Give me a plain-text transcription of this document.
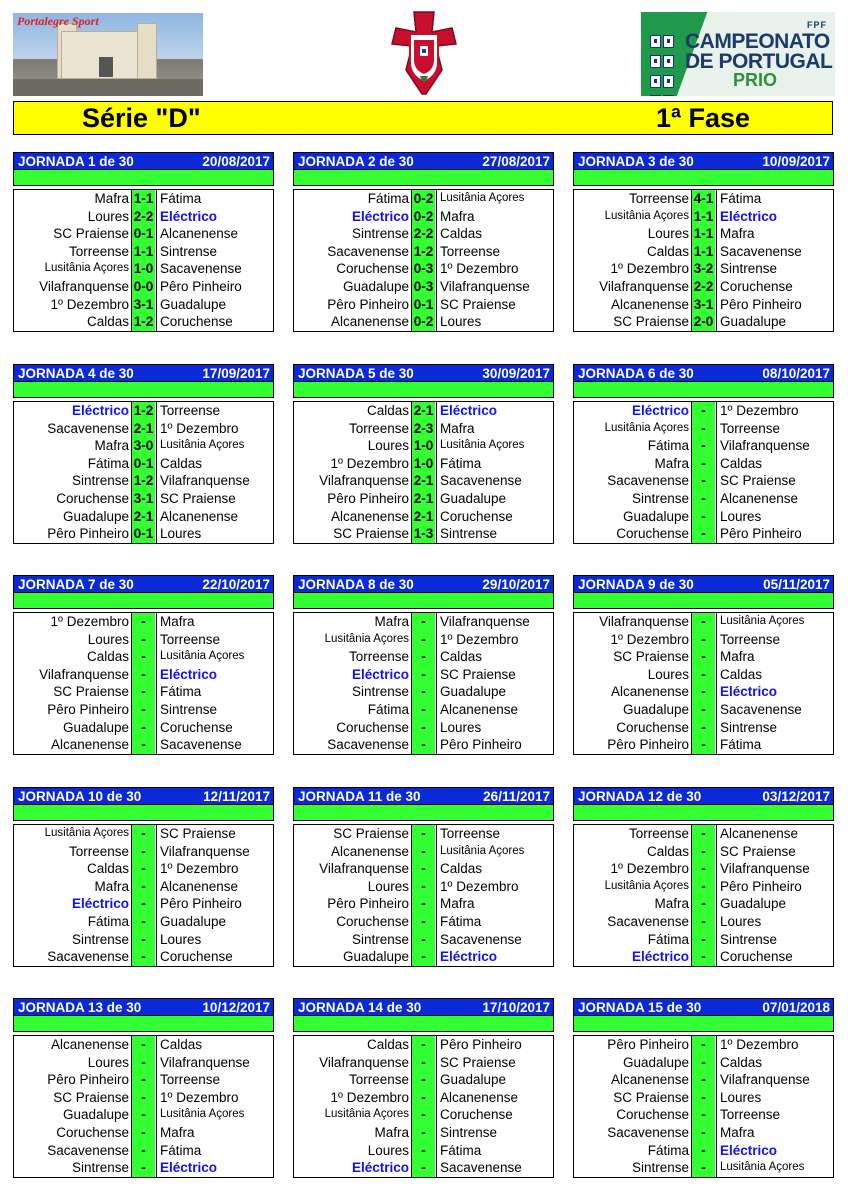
Portalegre Sport
	FPF
CAMPEONATO
DE PORTUGAL
PRIO
Série "D"	1ª Fase
JORNADA 1 de 30	20/08/2017
Mafra 1-1 Fátima
Loures 2-2 Eléctrico
SC Praiense 0-1 Alcanenense
Torreense 1-1 Sintrense
Lusitânia Açores 1-0 Sacavenense
Vilafranquense 0-0 Pêro Pinheiro
1º Dezembro 3-1 Guadalupe
Caldas 1-2 Coruchense
JORNADA 2 de 30	27/08/2017
Fátima 0-2 Lusitânia Açores
Eléctrico 0-2 Mafra
Sintrense 2-2 Caldas
Sacavenense 1-2 Torreense
Coruchense 0-3 1º Dezembro
Guadalupe 0-3 Vilafranquense
Pêro Pinheiro 0-1 SC Praiense
Alcanenense 0-2 Loures
JORNADA 3 de 30	10/09/2017
Torreense 4-1 Fátima
Lusitânia Açores 1-1 Eléctrico
Loures 1-1 Mafra
Caldas 1-1 Sacavenense
1º Dezembro 3-2 Sintrense
Vilafranquense 2-2 Coruchense
Alcanenense 3-1 Pêro Pinheiro
SC Praiense 2-0 Guadalupe
JORNADA 4 de 30	17/09/2017
Eléctrico 1-2 Torreense
Sacavenense 2-1 1º Dezembro
Mafra 3-0 Lusitânia Açores
Fátima 0-1 Caldas
Sintrense 1-2 Vilafranquense
Coruchense 3-1 SC Praiense
Guadalupe 2-1 Alcanenense
Pêro Pinheiro 0-1 Loures
JORNADA 5 de 30	30/09/2017
Caldas 2-1 Eléctrico
Torreense 2-3 Mafra
Loures 1-0 Lusitânia Açores
1º Dezembro 1-0 Fátima
Vilafranquense 2-1 Sacavenense
Pêro Pinheiro 2-1 Guadalupe
Alcanenense 2-1 Coruchense
SC Praiense 1-3 Sintrense
JORNADA 6 de 30	08/10/2017
Eléctrico -	1º Dezembro
Lusitânia Açores -	Torreense
Fátima -	Vilafranquense
Mafra -	Caldas
Sacavenense -	SC Praiense
Sintrense -	Alcanenense
Guadalupe -	Loures
Coruchense -	Pêro Pinheiro
JORNADA 7 de 30	22/10/2017
1º Dezembro -	Mafra
Loures -	Torreense
Caldas -	Lusitânia Açores
Vilafranquense -	Eléctrico
SC Praiense -	Fátima
Pêro Pinheiro -	Sintrense
Guadalupe -	Coruchense
Alcanenense -	Sacavenense
JORNADA 8 de 30	29/10/2017
Mafra -	Vilafranquense
Lusitânia Açores -	1º Dezembro
Torreense -	Caldas
Eléctrico -	SC Praiense
Sintrense -	Guadalupe
Fátima -	Alcanenense
Coruchense -	Loures
Sacavenense -	Pêro Pinheiro
JORNADA 9 de 30	05/11/2017
Vilafranquense -	Lusitânia Açores
1º Dezembro -	Torreense
SC Praiense -	Mafra
Loures -	Caldas
Alcanenense -	Eléctrico
Guadalupe -	Sacavenense
Coruchense -	Sintrense
Pêro Pinheiro -	Fátima
JORNADA 10 de 30	12/11/2017
Lusitânia Açores -	SC Praiense
Torreense -	Vilafranquense
Caldas -	1º Dezembro
Mafra -	Alcanenense
Eléctrico -	Pêro Pinheiro
Fátima -	Guadalupe
Sintrense -	Loures
Sacavenense -	Coruchense
JORNADA 11 de 30	26/11/2017
SC Praiense -	Torreense
Alcanenense -	Lusitânia Açores
Vilafranquense -	Caldas
Loures -	1º Dezembro
Pêro Pinheiro -	Mafra
Coruchense -	Fátima
Sintrense -	Sacavenense
Guadalupe -	Eléctrico
JORNADA 12 de 30	03/12/2017
Torreense -	Alcanenense
Caldas -	SC Praiense
1º Dezembro -	Vilafranquense
Lusitânia Açores -	Pêro Pinheiro
Mafra -	Guadalupe
Sacavenense -	Loures
Fátima -	Sintrense
Eléctrico -	Coruchense
JORNADA 13 de 30	10/12/2017
Alcanenense -	Caldas
Loures -	Vilafranquense
Pêro Pinheiro -	Torreense
SC Praiense -	1º Dezembro
Guadalupe -	Lusitânia Açores
Coruchense -	Mafra
Sacavenense -	Fátima
Sintrense -	Eléctrico
JORNADA 14 de 30	17/10/2017
Caldas -	Pêro Pinheiro
Vilafranquense -	SC Praiense
Torreense -	Guadalupe
1º Dezembro -	Alcanenense
Lusitânia Açores -	Coruchense
Mafra -	Sintrense
Loures -	Fátima
Eléctrico -	Sacavenense
JORNADA 15 de 30	07/01/2018
Pêro Pinheiro -	1º Dezembro
Guadalupe -	Caldas
Alcanenense -	Vilafranquense
SC Praiense -	Loures
Coruchense -	Torreense
Sacavenense -	Mafra
Fátima -	Eléctrico
Sintrense -	Lusitânia Açores
